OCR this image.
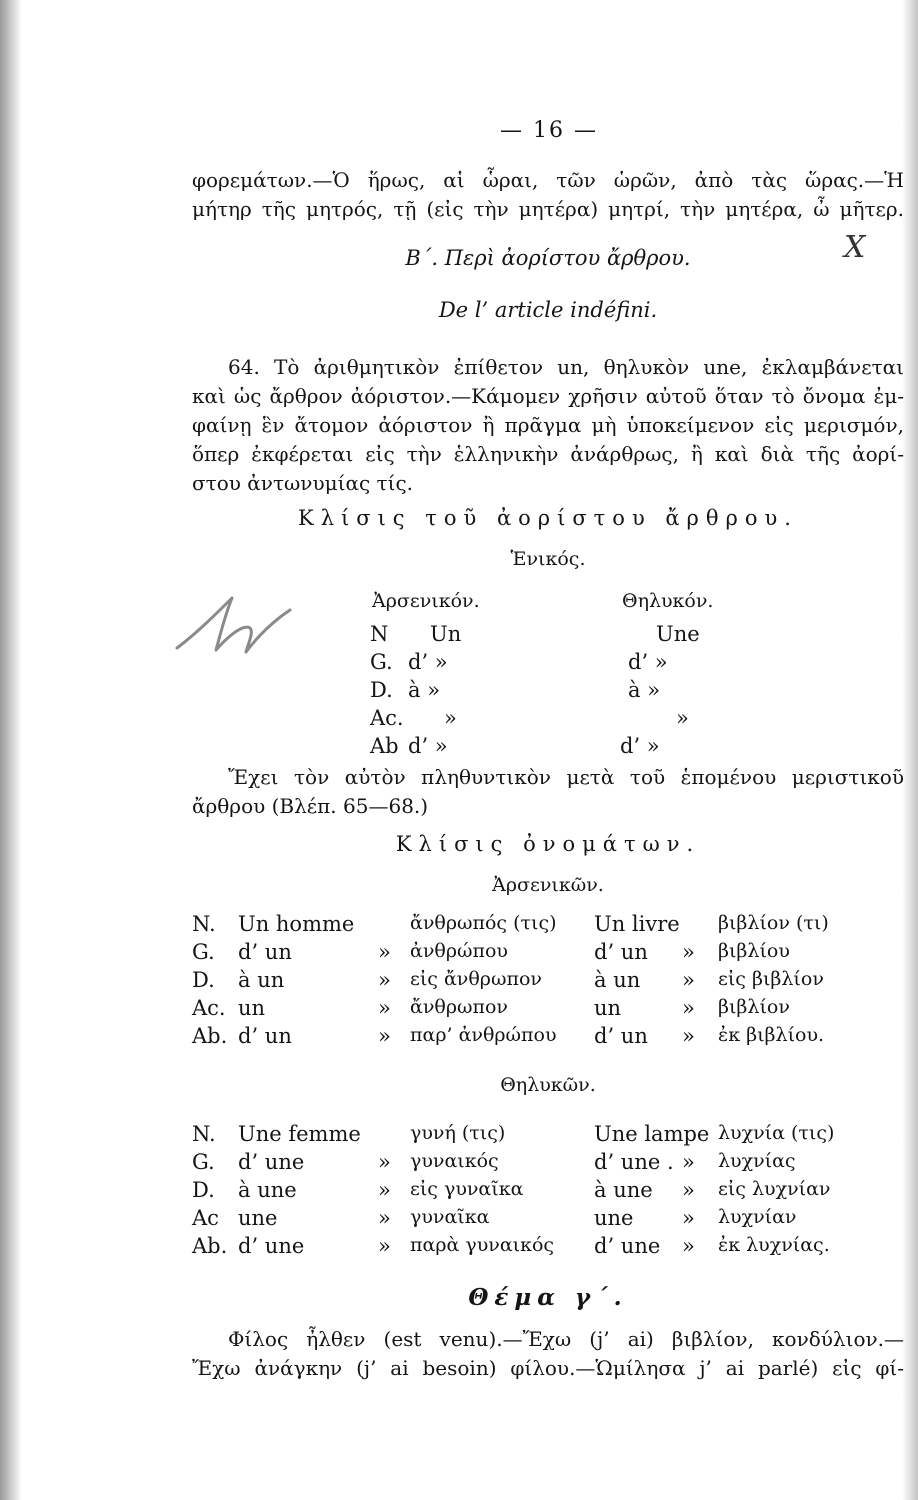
— 16 —
φορεμάτων.—Ὁ ἥρως, αἱ ὧραι, τῶν ὡρῶν, ἀπὸ τὰς ὥρας.—Ἡ
μήτηρ τῆς μητρός, τῇ (εἰς τὴν μητέρα) μητρί, τὴν μητέρα, ὦ μῆτερ.
Β΄. Περὶ ἀορίστου ἄρθρου.	X
De l’ article indéfini.
64. Τὸ ἀριθμητικὸν ἐπίθετον un, θηλυκὸν une, ἐκλαμβάνεται
καὶ ὡς ἄρθρον ἀόριστον.—Κάμομεν χρῆσιν αὐτοῦ ὅταν τὸ ὄνομα ἐμ-
φαίνῃ ἓν ἄτομον ἀόριστον ἢ πρᾶγμα μὴ ὑποκείμενον εἰς μερισμόν,
ὅπερ ἐκφέρεται εἰς τὴν ἑλληνικὴν ἀνάρθρως, ἢ καὶ διὰ τῆς ἀορί-
στου ἀντωνυμίας τίς.
Κλίσις τοῦ ἀορίστου ἄρθρου.
Ἑνικός.
Ἀρσενικόν.	Θηλυκόν.
N Un	Une
G. d’ »	d’ »
D. à »	à »
Ac. »	»
Ab d’ »	d’ »
Ἔχει τὸν αὐτὸν πληθυντικὸν μετὰ τοῦ ἑπομένου μεριστικοῦ
ἄρθρου (Βλέπ. 65—68.)
Κλίσις ὀνομάτων.
Ἀρσενικῶν.
N. Un homme	ἄνθρωπός (τις) Un livre βιβλίον (τι)
G. d’ un	» ἀνθρώπου	d’ un » βιβλίου
D. à un	» εἰς ἄνθρωπον à un » εἰς βιβλίον
Ac. un	» ἄνθρωπον	un	» βιβλίον
Ab. d’ un	» παρ’ ἀνθρώπου d’ un » ἐκ βιβλίου.
Θηλυκῶν.
N. Une femme	γυνή (τις)	Une lampe λυχνία (τις)
G. d’ une	» γυναικός	d’ une . » λυχνίας
D. à une	» εἰς γυναῖκα	à une » εἰς λυχνίαν
Ac une	» γυναῖκα	une » λυχνίαν
Ab. d’ une	» παρὰ γυναικός d’ une » ἐκ λυχνίας.
Θέμα γ΄.
Φίλος ἦλθεν (est venu).—Ἔχω (j’ ai) βιβλίον, κονδύλιον.—
Ἔχω ἀνάγκην (j’ ai besoin) φίλου.—Ὡμίλησα j’ ai parlé) εἰς φί-
